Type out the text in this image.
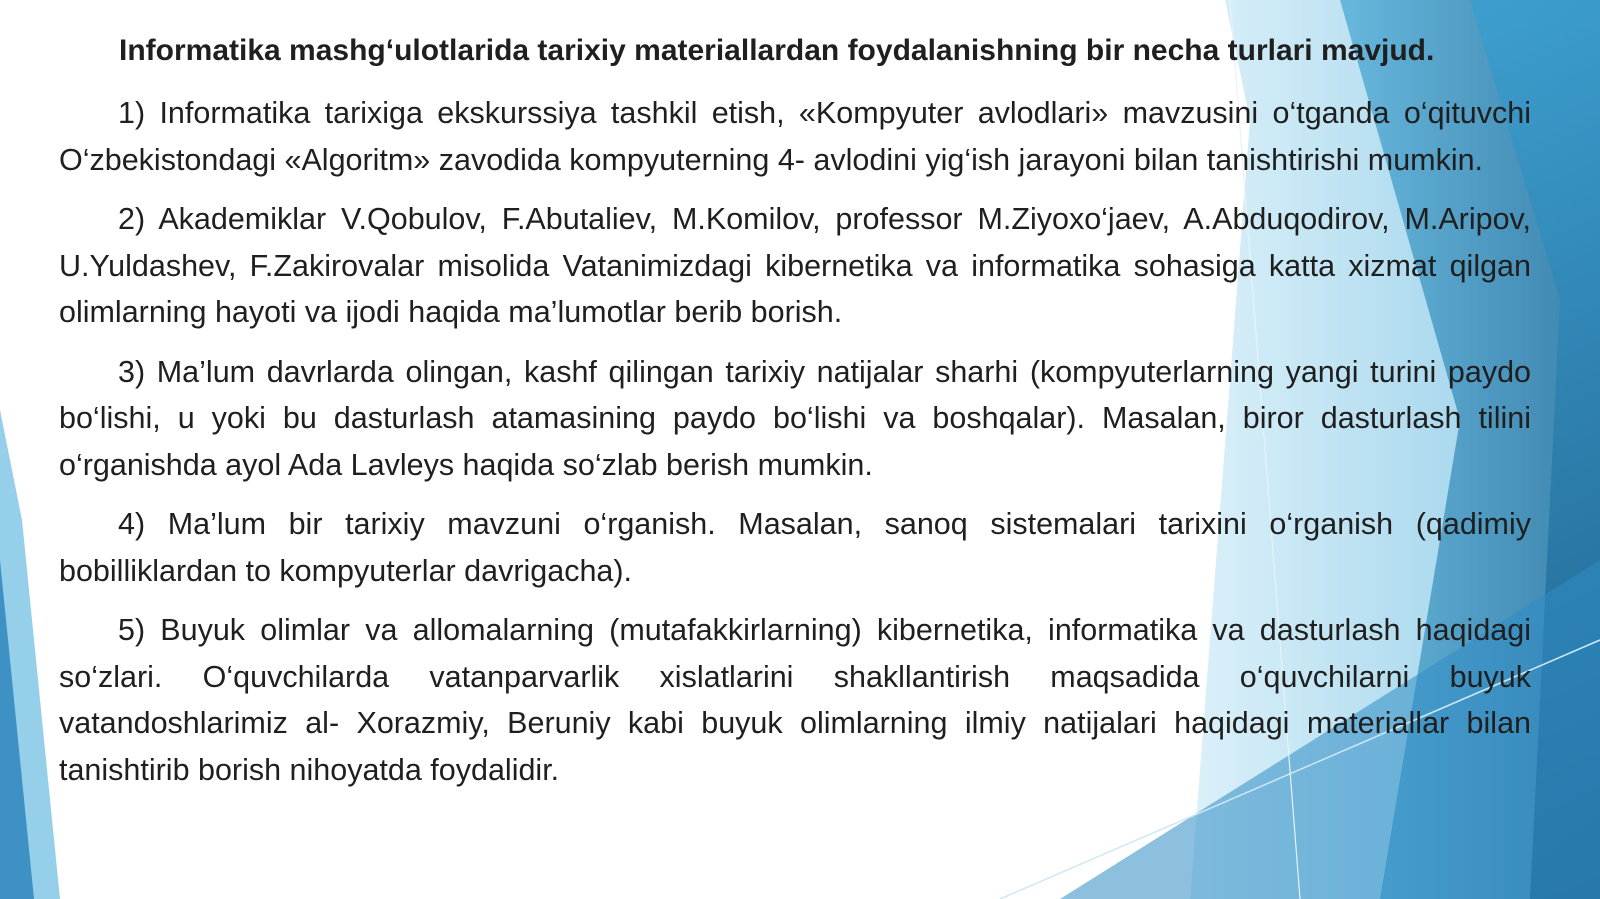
Informatika mashg‘ulotlarida tarixiy materiallardan foydalanishning bir necha turlari mavjud.

1) Informatika tarixiga ekskurssiya tashkil etish, «Kompyuter avlodlari» mavzusini o‘tganda o‘qituvchi O‘zbekistondagi «Algoritm» zavodida kompyuterning 4- avlodini yig‘ish jarayoni bilan tanishtirishi mumkin.

2) Akademiklar V.Qobulov, F.Abutaliev, M.Komilov, professor M.Ziyoxo‘jaev, A.Abduqodirov, M.Aripov, U.Yuldashev, F.Zakirovalar misolida Vatanimizdagi kibernetika va informatika sohasiga katta xizmat qilgan olimlarning hayoti va ijodi haqida ma’lumotlar berib borish.

3) Ma’lum davrlarda olingan, kashf qilingan tarixiy natijalar sharhi (kompyuterlarning yangi turini paydo bo‘lishi, u yoki bu dasturlash atamasining paydo bo‘lishi va boshqalar). Masalan, biror dasturlash tilini o‘rganishda ayol Ada Lavleys haqida so‘zlab berish mumkin.

4) Ma’lum bir tarixiy mavzuni o‘rganish. Masalan, sanoq sistemalari tarixini o‘rganish (qadimiy bobilliklardan to kompyuterlar davrigacha).

5) Buyuk olimlar va allomalarning (mutafakkirlarning) kibernetika, informatika va dasturlash haqidagi so‘zlari. O‘quvchilarda vatanparvarlik xislatlarini shakllantirish maqsadida o‘quvchilarni buyuk vatandoshlarimiz al- Xorazmiy, Beruniy kabi buyuk olimlarning ilmiy natijalari haqidagi materiallar bilan tanishtirib borish nihoyatda foydalidir.
